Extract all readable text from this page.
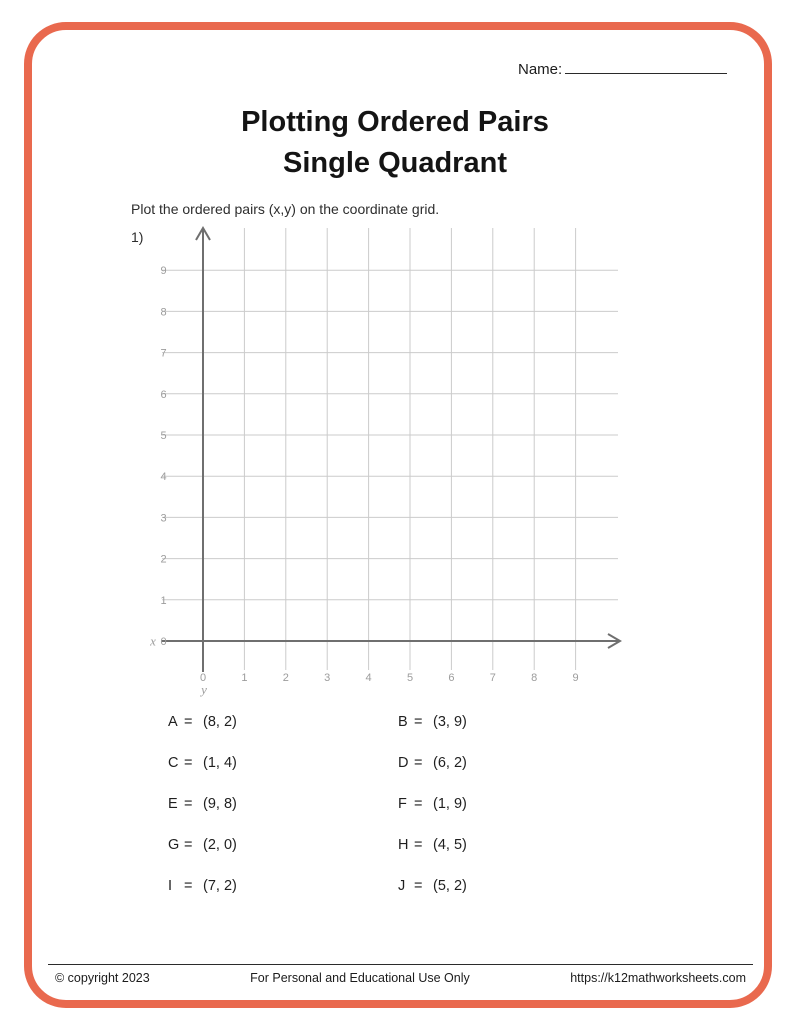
Name:
Plotting Ordered Pairs
Single Quadrant
Plot the ordered pairs (x,y) on the coordinate grid.
1)
0	1	2	3	4	5	6	7	8	9
0
1
2
3
4
5
6
7
8
9
x
y
A = (8, 2)	B = (3, 9)
C = (1, 4)	D = (6, 2)
E = (9, 8)	F = (1, 9)
G = (2, 0)	H = (4, 5)
I = (7, 2)	J = (5, 2)
© copyright 2023	For Personal and Educational Use Only	https://k12mathworksheets.com
